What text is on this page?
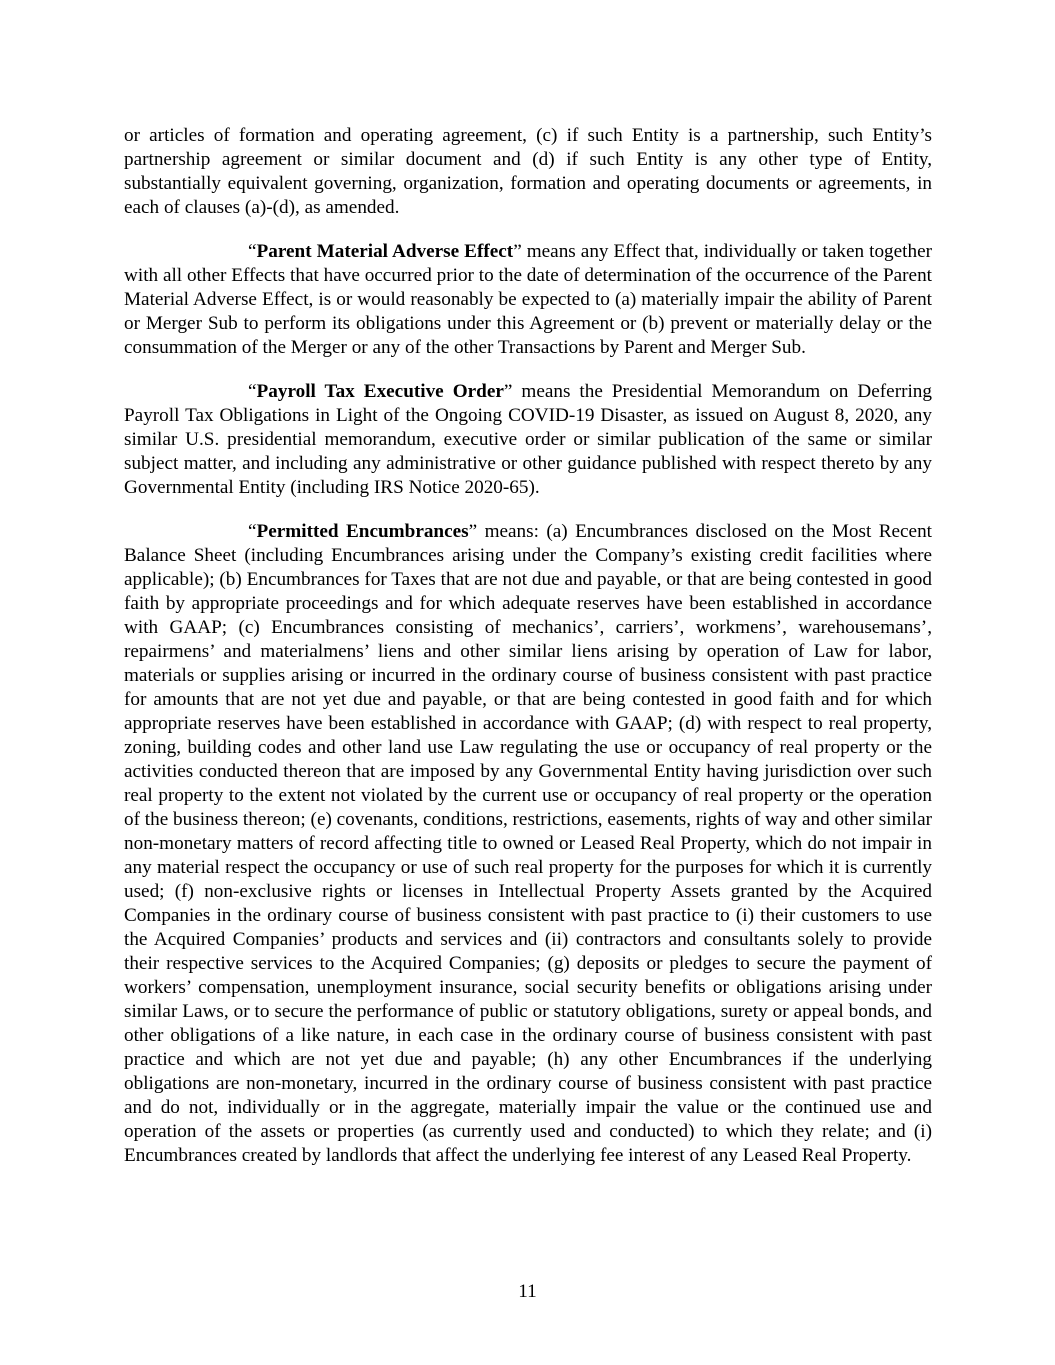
or articles of formation and operating agreement, (c) if such Entity is a partnership, such Entity’s partnership agreement or similar document and (d) if such Entity is any other type of Entity, substantially equivalent governing, organization, formation and operating documents or agreements, in each of clauses (a)-(d), as amended.

“Parent Material Adverse Effect” means any Effect that, individually or taken together with all other Effects that have occurred prior to the date of determination of the occurrence of the Parent Material Adverse Effect, is or would reasonably be expected to (a) materially impair the ability of Parent or Merger Sub to perform its obligations under this Agreement or (b) prevent or materially delay or the consummation of the Merger or any of the other Transactions by Parent and Merger Sub.

“Payroll Tax Executive Order” means the Presidential Memorandum on Deferring Payroll Tax Obligations in Light of the Ongoing COVID-19 Disaster, as issued on August 8, 2020, any similar U.S. presidential memorandum, executive order or similar publication of the same or similar subject matter, and including any administrative or other guidance published with respect thereto by any Governmental Entity (including IRS Notice 2020-65).

“Permitted Encumbrances” means: (a) Encumbrances disclosed on the Most Recent Balance Sheet (including Encumbrances arising under the Company’s existing credit facilities where applicable); (b) Encumbrances for Taxes that are not due and payable, or that are being contested in good faith by appropriate proceedings and for which adequate reserves have been established in accordance with GAAP; (c) Encumbrances consisting of mechanics’, carriers’, workmens’, warehousemans’, repairmens’ and materialmens’ liens and other similar liens arising by operation of Law for labor, materials or supplies arising or incurred in the ordinary course of business consistent with past practice for amounts that are not yet due and payable, or that are being contested in good faith and for which appropriate reserves have been established in accordance with GAAP; (d) with respect to real property, zoning, building codes and other land use Law regulating the use or occupancy of real property or the activities conducted thereon that are imposed by any Governmental Entity having jurisdiction over such real property to the extent not violated by the current use or occupancy of real property or the operation of the business thereon; (e) covenants, conditions, restrictions, easements, rights of way and other similar non-monetary matters of record affecting title to owned or Leased Real Property, which do not impair in any material respect the occupancy or use of such real property for the purposes for which it is currently used; (f) non-exclusive rights or licenses in Intellectual Property Assets granted by the Acquired Companies in the ordinary course of business consistent with past practice to (i) their customers to use the Acquired Companies’ products and services and (ii) contractors and consultants solely to provide their respective services to the Acquired Companies; (g) deposits or pledges to secure the payment of workers’ compensation, unemployment insurance, social security benefits or obligations arising under similar Laws, or to secure the performance of public or statutory obligations, surety or appeal bonds, and other obligations of a like nature, in each case in the ordinary course of business consistent with past practice and which are not yet due and payable; (h) any other Encumbrances if the underlying obligations are non-monetary, incurred in the ordinary course of business consistent with past practice and do not, individually or in the aggregate, materially impair the value or the continued use and operation of the assets or properties (as currently used and conducted) to which they relate; and (i) Encumbrances created by landlords that affect the underlying fee interest of any Leased Real Property.

11
